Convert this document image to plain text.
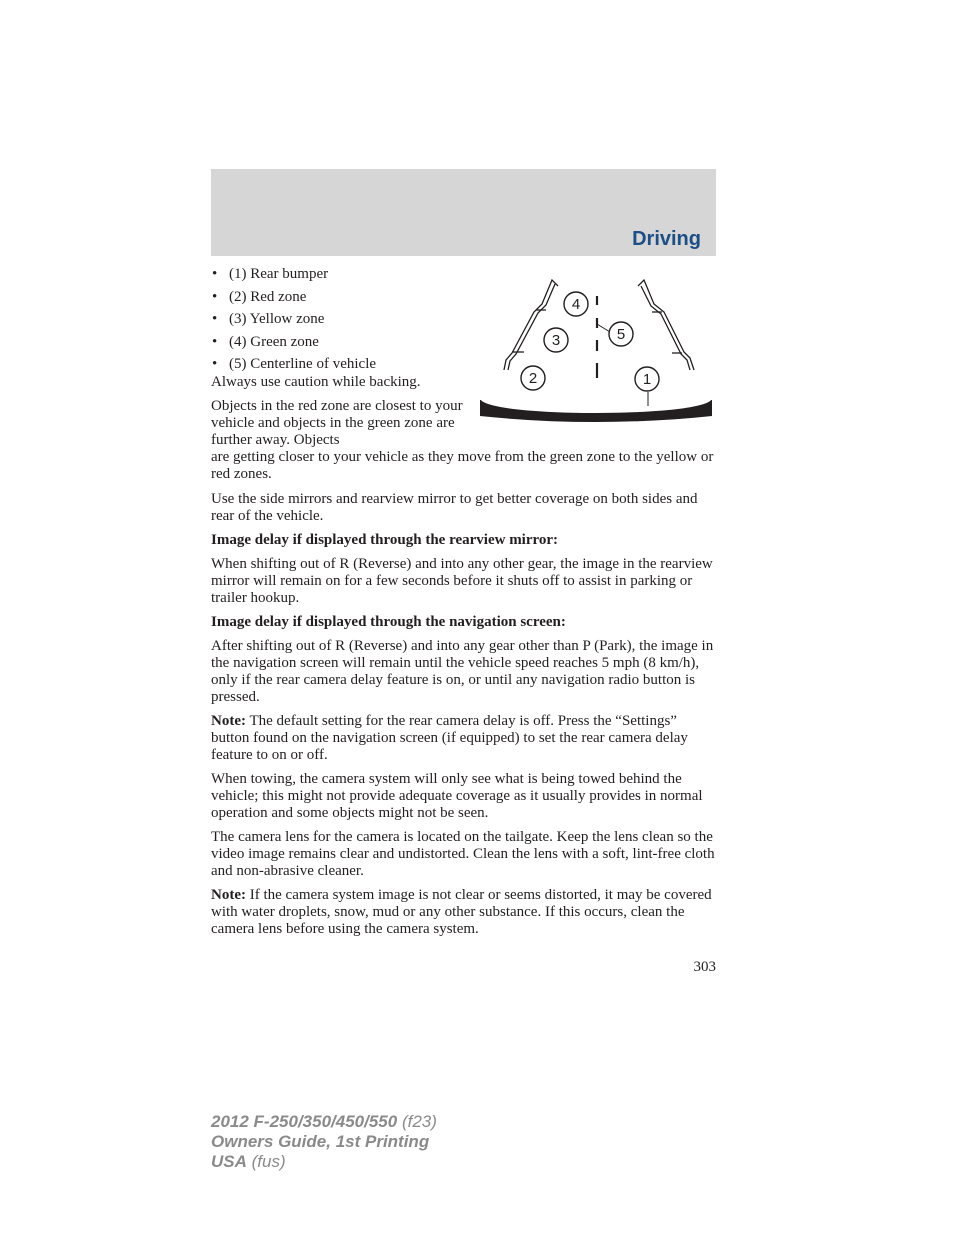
Driving
4
3
2
5
1
• (1) Rear bumper
• (2) Red zone
• (3) Yellow zone
• (4) Green zone
• (5) Centerline of vehicle

Always use caution while backing.

Objects in the red zone are closest to your vehicle and objects in the green zone are further away. Objects

are getting closer to your vehicle as they move from the green zone to the yellow or red zones.

Use the side mirrors and rearview mirror to get better coverage on both sides and rear of the vehicle.

Image delay if displayed through the rearview mirror:

When shifting out of R (Reverse) and into any other gear, the image in the rearview mirror will remain on for a few seconds before it shuts off to assist in parking or trailer hookup.

Image delay if displayed through the navigation screen:

After shifting out of R (Reverse) and into any gear other than P (Park), the image in the navigation screen will remain until the vehicle speed reaches 5 mph (8 km/h), only if the rear camera delay feature is on, or until any navigation radio button is pressed.

Note: The default setting for the rear camera delay is off. Press the “Settings” button found on the navigation screen (if equipped) to set the rear camera delay feature to on or off.

When towing, the camera system will only see what is being towed behind the vehicle; this might not provide adequate coverage as it usually provides in normal operation and some objects might not be seen.

The camera lens for the camera is located on the tailgate. Keep the lens clean so the video image remains clear and undistorted. Clean the lens with a soft, lint-free cloth and non-abrasive cleaner.

Note: If the camera system image is not clear or seems distorted, it may be covered with water droplets, snow, mud or any other substance. If this occurs, clean the camera lens before using the camera system.

303
2012 F-250/350/450/550 (f23)
Owners Guide, 1st Printing
USA (fus)
